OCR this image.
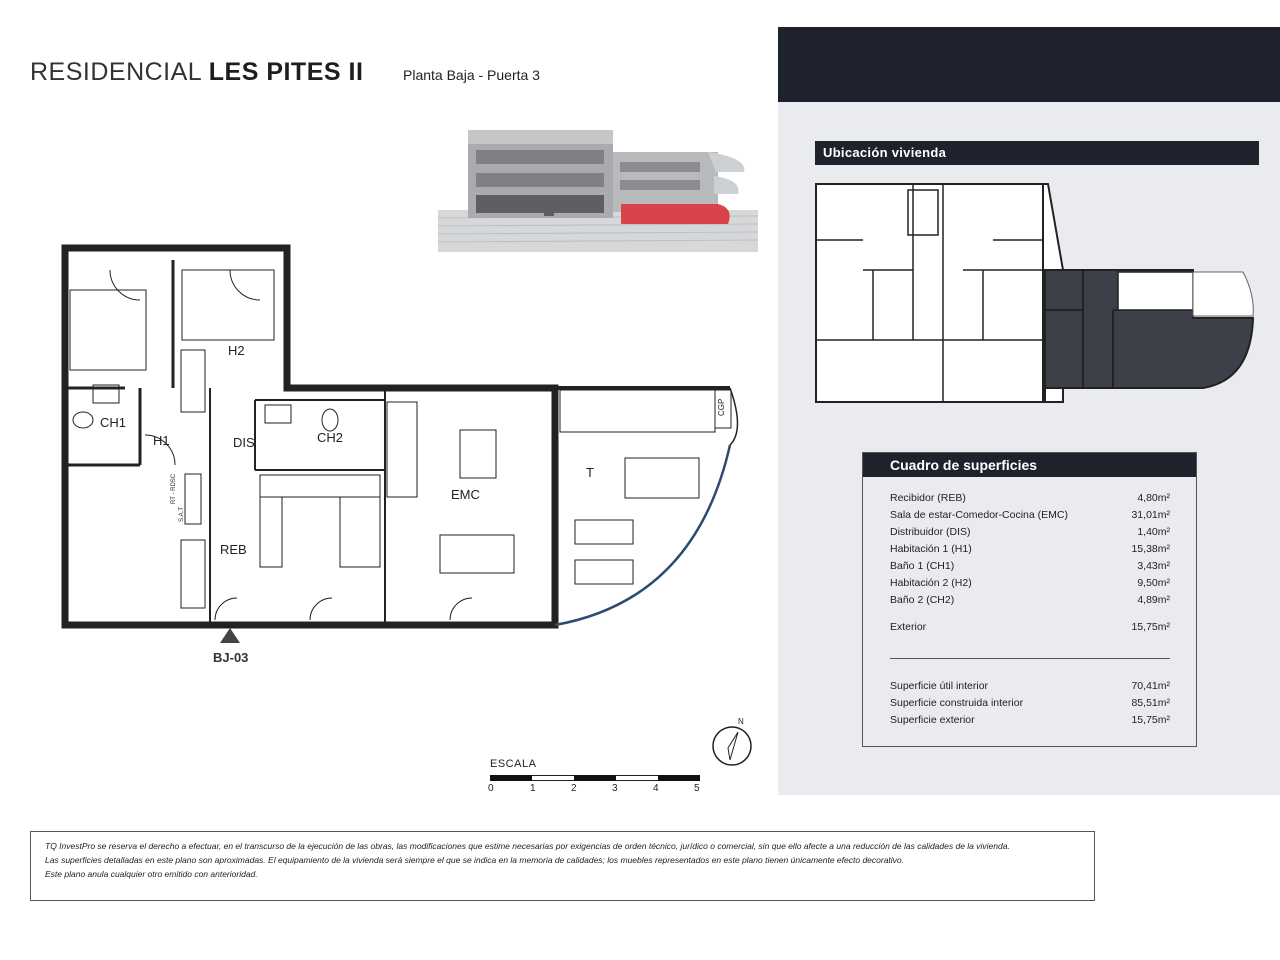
RESIDENCIAL LES PITES II	Planta Baja - Puerta 3
CGP
RT - RDSC
S.A.T
H2
CH1
H1	DIS	CH2
EMC
T
REB
BJ-03
N
ESCALA
0	1	2	3	4	5
Ubicación vivienda
Cuadro de superficies
Recibidor (REB)	4,80m²
Sala de estar-Comedor-Cocina (EMC)	31,01m²
Distribuidor (DIS)	1,40m²
Habitación 1 (H1)	15,38m²
Baño 1 (CH1)	3,43m²
Habitación 2 (H2)	9,50m²
Baño 2 (CH2)	4,89m²
Exterior	15,75m²
Superficie útil interior	70,41m²
Superficie construida interior	85,51m²
Superficie exterior	15,75m²

TQ InvestPro se reserva el derecho a efectuar, en el transcurso de la ejecución de las obras, las modificaciones que estime necesarias por exigencias de orden técnico, jurídico o comercial, sin que ello afecte a una reducción de las calidades de la vivienda.

Las superficies detalladas en este plano son aproximadas. El equipamiento de la vivienda será siempre el que se indica en la memoria de calidades; los muebles representados en este plano tienen únicamente efecto decorativo.

Este plano anula cualquier otro emitido con anterioridad.
